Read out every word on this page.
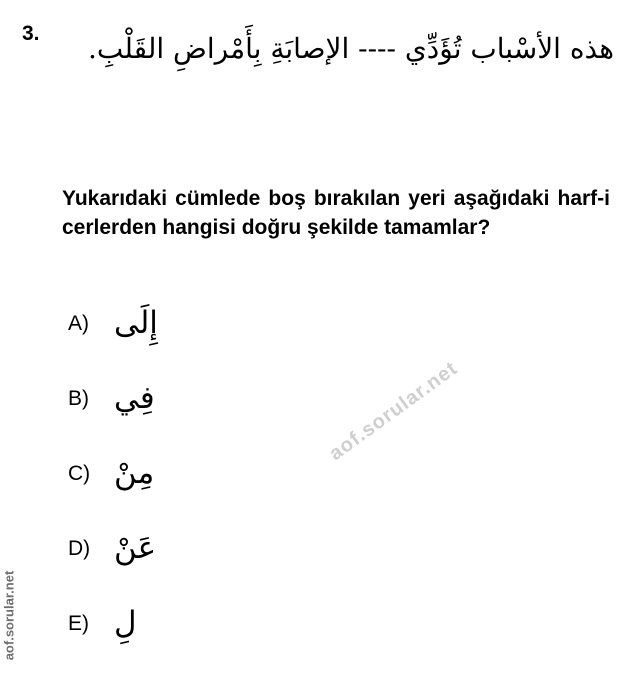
3.	هذه الأسْباب تُؤَدِّي ---- الإصابَةِ بِأَمْراضِ القَلْبِ.
Yukarıdaki cümlede boş bırakılan yeri aşağıdaki harf-i cerlerden hangisi doğru şekilde tamamlar?
A) إِلَى
B) فِي
C) مِنْ
D) عَنْ
E) لِ
aof.sorular.net
aof.sorular.net
